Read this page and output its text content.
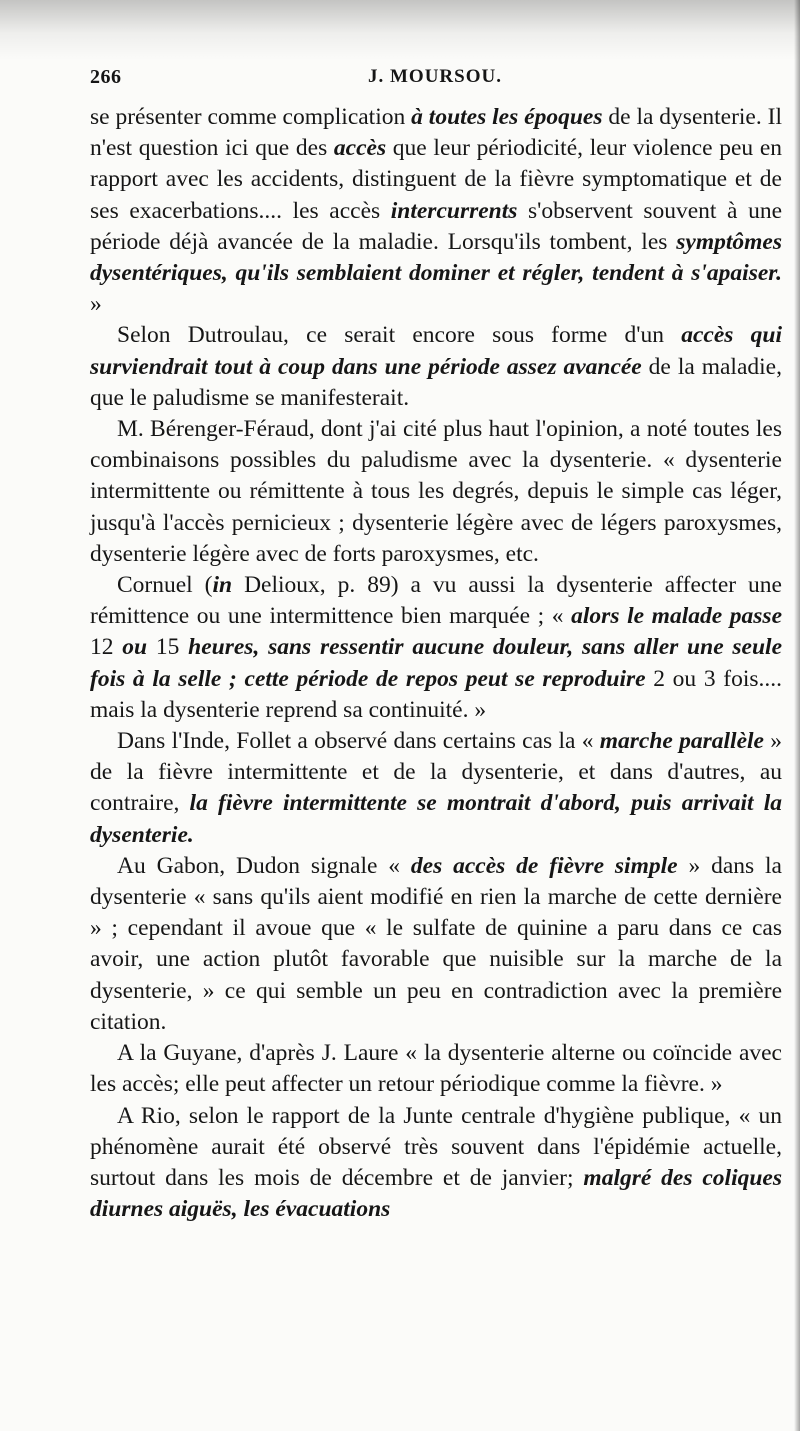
266	J. MOURSOU.

se présenter comme complication à toutes les époques de la dysenterie. Il n'est question ici que des accès que leur périodicité, leur violence peu en rapport avec les accidents, distinguent de la fièvre symptomatique et de ses exacerbations.... les accès intercurrents s'observent souvent à une période déjà avancée de la maladie. Lorsqu'ils tombent, les symptômes dysentériques, qu'ils semblaient dominer et régler, tendent à s'apaiser. »

Selon Dutroulau, ce serait encore sous forme d'un accès qui surviendrait tout à coup dans une période assez avancée de la maladie, que le paludisme se manifesterait.

M. Bérenger-Féraud, dont j'ai cité plus haut l'opinion, a noté toutes les combinaisons possibles du paludisme avec la dysenterie. « dysenterie intermittente ou rémittente à tous les degrés, depuis le simple cas léger, jusqu'à l'accès pernicieux ; dysenterie légère avec de légers paroxysmes, dysenterie légère avec de forts paroxysmes, etc.

Cornuel (in Delioux, p. 89) a vu aussi la dysenterie affecter une rémittence ou une intermittence bien marquée ; « alors le malade passe 12 ou 15 heures, sans ressentir aucune douleur, sans aller une seule fois à la selle ; cette période de repos peut se reproduire 2 ou 3 fois.... mais la dysenterie reprend sa continuité. »

Dans l'Inde, Follet a observé dans certains cas la « marche parallèle » de la fièvre intermittente et de la dysenterie, et dans d'autres, au contraire, la fièvre intermittente se montrait d'abord, puis arrivait la dysenterie.

Au Gabon, Dudon signale « des accès de fièvre simple » dans la dysenterie « sans qu'ils aient modifié en rien la marche de cette dernière » ; cependant il avoue que « le sulfate de quinine a paru dans ce cas avoir, une action plutôt favorable que nuisible sur la marche de la dysenterie, » ce qui semble un peu en contradiction avec la première citation.

A la Guyane, d'après J. Laure « la dysenterie alterne ou coïncide avec les accès; elle peut affecter un retour périodique comme la fièvre. »

A Rio, selon le rapport de la Junte centrale d'hygiène publique, « un phénomène aurait été observé très souvent dans l'épidémie actuelle, surtout dans les mois de décembre et de janvier; malgré des coliques diurnes aiguës, les évacuations
